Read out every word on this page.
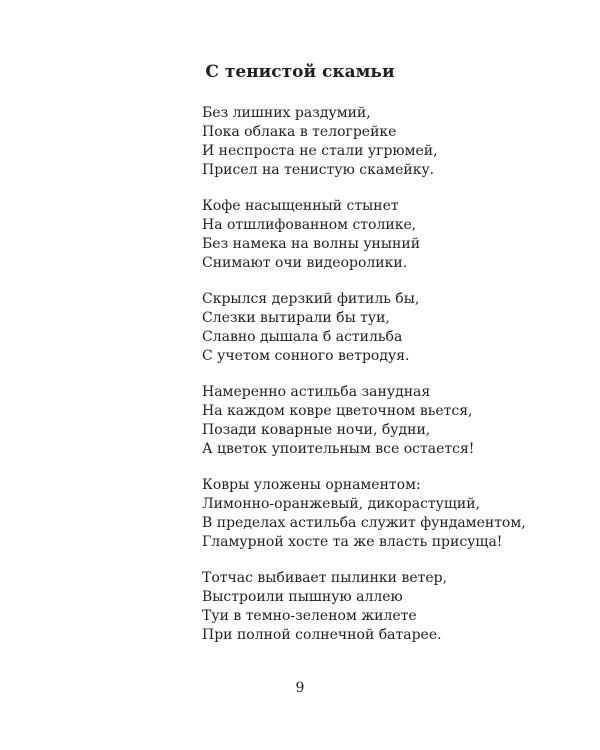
С тенистой скамьи
Без лишних раздумий,
Пока облака в телогрейке
И неспроста не стали угрюмей,
Присел на тенистую скамейку.
Кофе насыщенный стынет
На отшлифованном столике,
Без намека на волны уныний
Снимают очи видеоролики.
Скрылся дерзкий фитиль бы,
Слезки вытирали бы туи,
Славно дышала б астильба
С учетом сонного ветродуя.
Намеренно астильба занудная
На каждом ковре цветочном вьется,
Позади коварные ночи, будни,
А цветок упоительным все остается!
Ковры уложены орнаментом:
Лимонно-оранжевый, дикорастущий,
В пределах астильба служит фундаментом,
Гламурной хосте та же власть присуща!
Тотчас выбивает пылинки ветер,
Выстроили пышную аллею
Туи в темно-зеленом жилете
При полной солнечной батарее.
9
